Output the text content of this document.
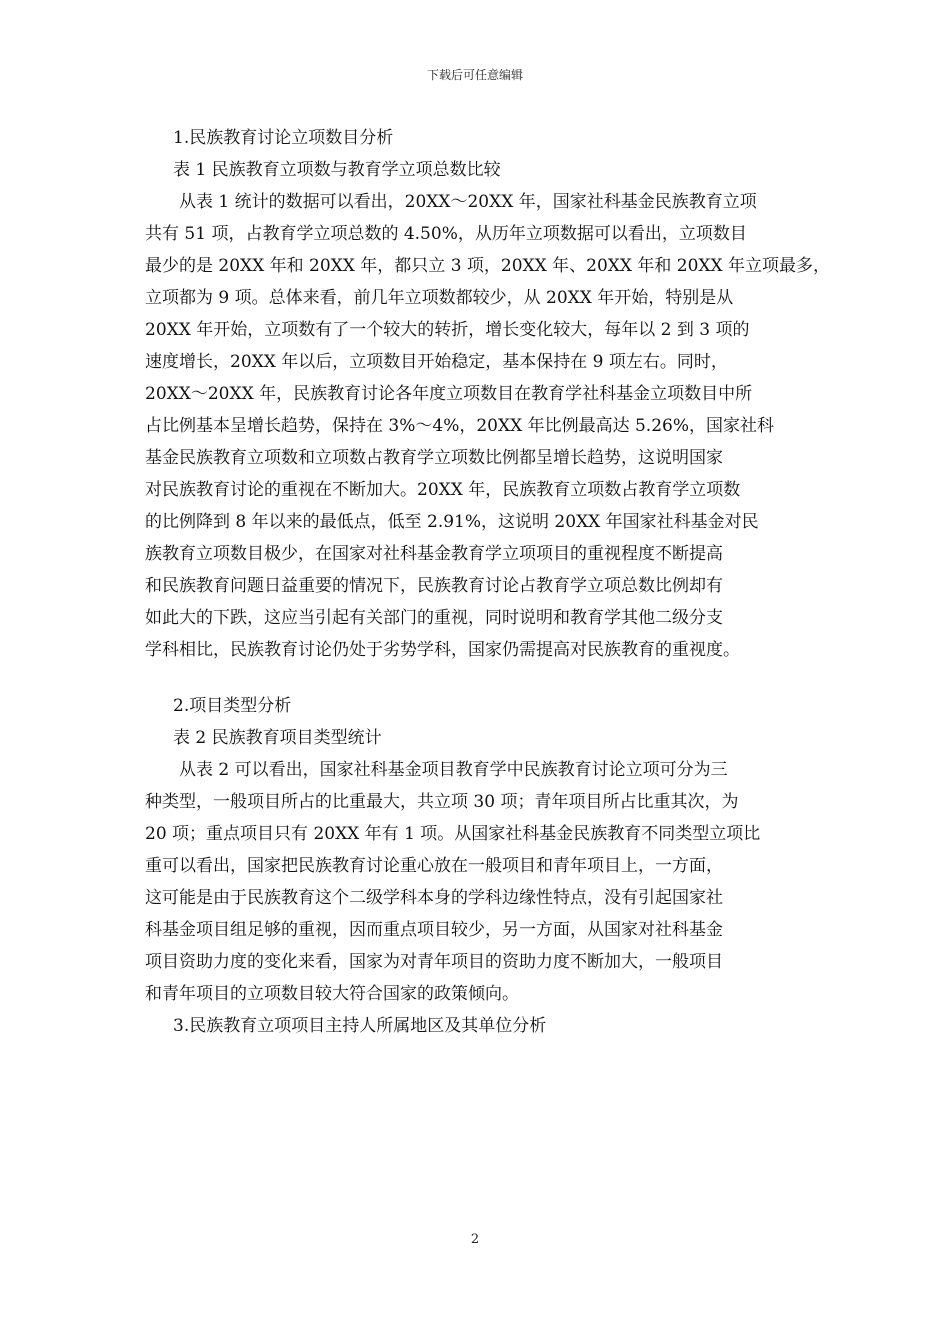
下载后可任意编辑
1.民族教育讨论立项数目分析
表 1 民族教育立项数与教育学立项总数比较
从表 1 统计的数据可以看出，20XX～20XX 年，国家社科基金民族教育立项
共有 51 项，占教育学立项总数的 4.50%，从历年立项数据可以看出，立项数目
最少的是 20XX 年和 20XX 年，都只立 3 项，20XX 年、20XX 年和 20XX 年立项最多，
立项都为 9 项。总体来看，前几年立项数都较少，从 20XX 年开始，特别是从
20XX 年开始，立项数有了一个较大的转折，增长变化较大，每年以 2 到 3 项的
速度增长，20XX 年以后，立项数目开始稳定，基本保持在 9 项左右。同时，
20XX～20XX 年，民族教育讨论各年度立项数目在教育学社科基金立项数目中所
占比例基本呈增长趋势，保持在 3%～4%，20XX 年比例最高达 5.26%，国家社科
基金民族教育立项数和立项数占教育学立项数比例都呈增长趋势，这说明国家
对民族教育讨论的重视在不断加大。20XX 年，民族教育立项数占教育学立项数
的比例降到 8 年以来的最低点，低至 2.91%，这说明 20XX 年国家社科基金对民
族教育立项数目极少，在国家对社科基金教育学立项项目的重视程度不断提高
和民族教育问题日益重要的情况下，民族教育讨论占教育学立项总数比例却有
如此大的下跌，这应当引起有关部门的重视，同时说明和教育学其他二级分支
学科相比，民族教育讨论仍处于劣势学科，国家仍需提高对民族教育的重视度。
2.项目类型分析
表 2 民族教育项目类型统计
从表 2 可以看出，国家社科基金项目教育学中民族教育讨论立项可分为三
种类型，一般项目所占的比重最大，共立项 30 项；青年项目所占比重其次，为
20 项；重点项目只有 20XX 年有 1 项。从国家社科基金民族教育不同类型立项比
重可以看出，国家把民族教育讨论重心放在一般项目和青年项目上，一方面，
这可能是由于民族教育这个二级学科本身的学科边缘性特点，没有引起国家社
科基金项目组足够的重视，因而重点项目较少，另一方面，从国家对社科基金
项目资助力度的变化来看，国家为对青年项目的资助力度不断加大，一般项目
和青年项目的立项数目较大符合国家的政策倾向。
3.民族教育立项项目主持人所属地区及其单位分析
2
